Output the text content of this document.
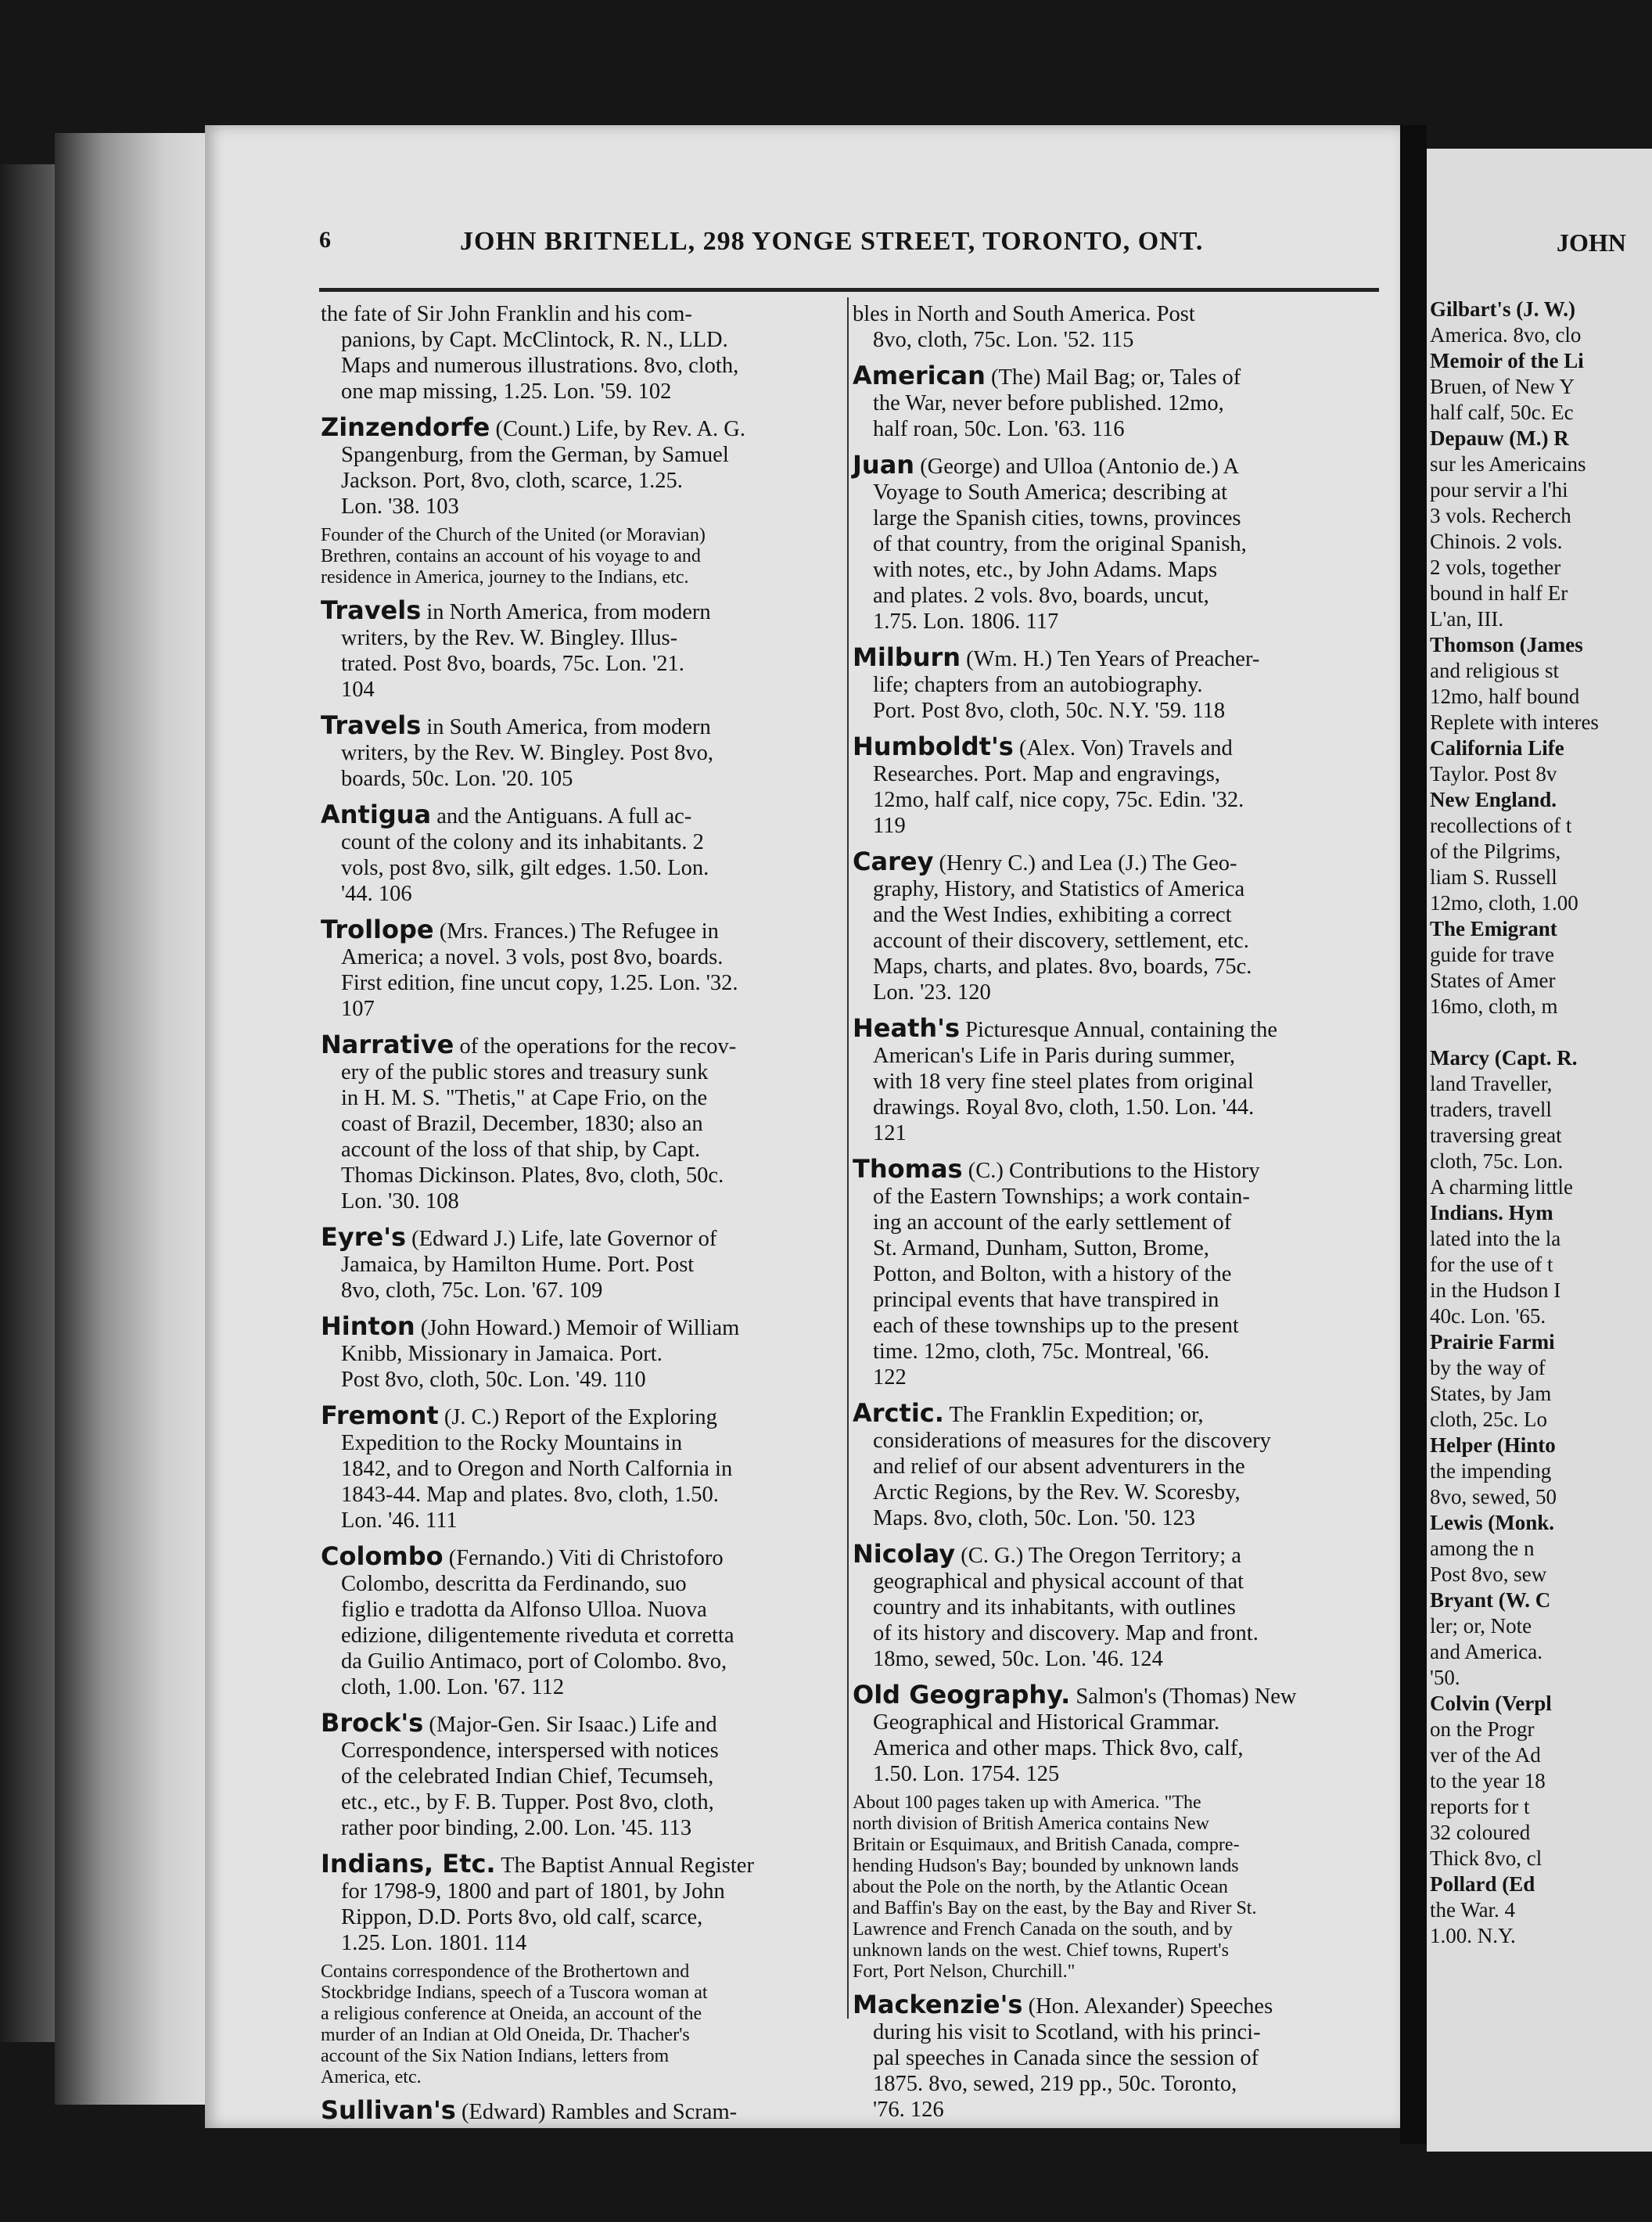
6	JOHN BRITNELL, 298 YONGE STREET, TORONTO, ONT.	JOHN

the fate of Sir John Franklin and his com-

panions, by Capt. McClintock, R. N., LLD.

Maps and numerous illustrations. 8vo, cloth,

one map missing, 1.25. Lon. '59. 102

Zinzendorfe (Count.) Life, by Rev. A. G.

Spangenburg, from the German, by Samuel

Jackson. Port, 8vo, cloth, scarce, 1.25.

Lon. '38. 103

Founder of the Church of the United (or Moravian)

Brethren, contains an account of his voyage to and

residence in America, journey to the Indians, etc.

Travels in North America, from modern

writers, by the Rev. W. Bingley. Illus-

trated. Post 8vo, boards, 75c. Lon. '21.

104

Travels in South America, from modern

writers, by the Rev. W. Bingley. Post 8vo,

boards, 50c. Lon. '20. 105

Antigua and the Antiguans. A full ac-

count of the colony and its inhabitants. 2

vols, post 8vo, silk, gilt edges. 1.50. Lon.

'44. 106

Trollope (Mrs. Frances.) The Refugee in

America; a novel. 3 vols, post 8vo, boards.

First edition, fine uncut copy, 1.25. Lon. '32.

107

Narrative of the operations for the recov-

ery of the public stores and treasury sunk

in H. M. S. "Thetis," at Cape Frio, on the

coast of Brazil, December, 1830; also an

account of the loss of that ship, by Capt.

Thomas Dickinson. Plates, 8vo, cloth, 50c.

Lon. '30. 108

Eyre's (Edward J.) Life, late Governor of

Jamaica, by Hamilton Hume. Port. Post

8vo, cloth, 75c. Lon. '67. 109

Hinton (John Howard.) Memoir of William

Knibb, Missionary in Jamaica. Port.

Post 8vo, cloth, 50c. Lon. '49. 110

Fremont (J. C.) Report of the Exploring

Expedition to the Rocky Mountains in

1842, and to Oregon and North Calfornia in

1843-44. Map and plates. 8vo, cloth, 1.50.

Lon. '46. 111

Colombo (Fernando.) Viti di Christoforo

Colombo, descritta da Ferdinando, suo

figlio e tradotta da Alfonso Ulloa. Nuova

edizione, diligentemente riveduta et corretta

da Guilio Antimaco, port of Colombo. 8vo,

cloth, 1.00. Lon. '67. 112

Brock's (Major-Gen. Sir Isaac.) Life and

Correspondence, interspersed with notices

of the celebrated Indian Chief, Tecumseh,

etc., etc., by F. B. Tupper. Post 8vo, cloth,

rather poor binding, 2.00. Lon. '45. 113

Indians, Etc. The Baptist Annual Register

for 1798-9, 1800 and part of 1801, by John

Rippon, D.D. Ports 8vo, old calf, scarce,

1.25. Lon. 1801. 114

Contains correspondence of the Brothertown and

Stockbridge Indians, speech of a Tuscora woman at

a religious conference at Oneida, an account of the

murder of an Indian at Old Oneida, Dr. Thacher's

account of the Six Nation Indians, letters from

America, etc.

Sullivan's (Edward) Rambles and Scram-

bles in North and South America. Post

8vo, cloth, 75c. Lon. '52. 115

American (The) Mail Bag; or, Tales of

the War, never before published. 12mo,

half roan, 50c. Lon. '63. 116

Juan (George) and Ulloa (Antonio de.) A

Voyage to South America; describing at

large the Spanish cities, towns, provinces

of that country, from the original Spanish,

with notes, etc., by John Adams. Maps

and plates. 2 vols. 8vo, boards, uncut,

1.75. Lon. 1806. 117

Milburn (Wm. H.) Ten Years of Preacher-

life; chapters from an autobiography.

Port. Post 8vo, cloth, 50c. N.Y. '59. 118

Humboldt's (Alex. Von) Travels and

Researches. Port. Map and engravings,

12mo, half calf, nice copy, 75c. Edin. '32.

119

Carey (Henry C.) and Lea (J.) The Geo-

graphy, History, and Statistics of America

and the West Indies, exhibiting a correct

account of their discovery, settlement, etc.

Maps, charts, and plates. 8vo, boards, 75c.

Lon. '23. 120

Heath's Picturesque Annual, containing the

American's Life in Paris during summer,

with 18 very fine steel plates from original

drawings. Royal 8vo, cloth, 1.50. Lon. '44.

121

Thomas (C.) Contributions to the History

of the Eastern Townships; a work contain-

ing an account of the early settlement of

St. Armand, Dunham, Sutton, Brome,

Potton, and Bolton, with a history of the

principal events that have transpired in

each of these townships up to the present

time. 12mo, cloth, 75c. Montreal, '66.

122

Arctic. The Franklin Expedition; or,

considerations of measures for the discovery

and relief of our absent adventurers in the

Arctic Regions, by the Rev. W. Scoresby,

Maps. 8vo, cloth, 50c. Lon. '50. 123

Nicolay (C. G.) The Oregon Territory; a

geographical and physical account of that

country and its inhabitants, with outlines

of its history and discovery. Map and front.

18mo, sewed, 50c. Lon. '46. 124

Old Geography. Salmon's (Thomas) New

Geographical and Historical Grammar.

America and other maps. Thick 8vo, calf,

1.50. Lon. 1754. 125

About 100 pages taken up with America. "The

north division of British America contains New

Britain or Esquimaux, and British Canada, compre-

hending Hudson's Bay; bounded by unknown lands

about the Pole on the north, by the Atlantic Ocean

and Baffin's Bay on the east, by the Bay and River St.

Lawrence and French Canada on the south, and by

unknown lands on the west. Chief towns, Rupert's

Fort, Port Nelson, Churchill."

Mackenzie's (Hon. Alexander) Speeches

during his visit to Scotland, with his princi-

pal speeches in Canada since the session of

1875. 8vo, sewed, 219 pp., 50c. Toronto,

'76. 126

Gilbart's (J. W.)
America. 8vo, clo
Memoir of the Li
Bruen, of New Y
half calf, 50c. Ec
Depauw (M.) R
sur les Americains
pour servir a l'hi
3 vols. Recherch
Chinois. 2 vols.
2 vols, together
bound in half Er
L'an, III.
Thomson (James
and religious st
12mo, half bound
Replete with interes
California Life
Taylor. Post 8v
New England.
recollections of t
of the Pilgrims,
liam S. Russell
12mo, cloth, 1.00
The Emigrant
guide for trave
States of Amer
16mo, cloth, m

Marcy (Capt. R.
land Traveller,
traders, travell
traversing great
cloth, 75c. Lon.
A charming little
Indians. Hym
lated into the la
for the use of t
in the Hudson I
40c. Lon. '65.
Prairie Farmi
by the way of
States, by Jam
cloth, 25c. Lo
Helper (Hinto
the impending
8vo, sewed, 50
Lewis (Monk.
among the n
Post 8vo, sew
Bryant (W. C
ler; or, Note
and America.
'50.
Colvin (Verpl
on the Progr
ver of the Ad
to the year 18
reports for t
32 coloured
Thick 8vo, cl
Pollard (Ed
the War. 4
1.00. N.Y.
